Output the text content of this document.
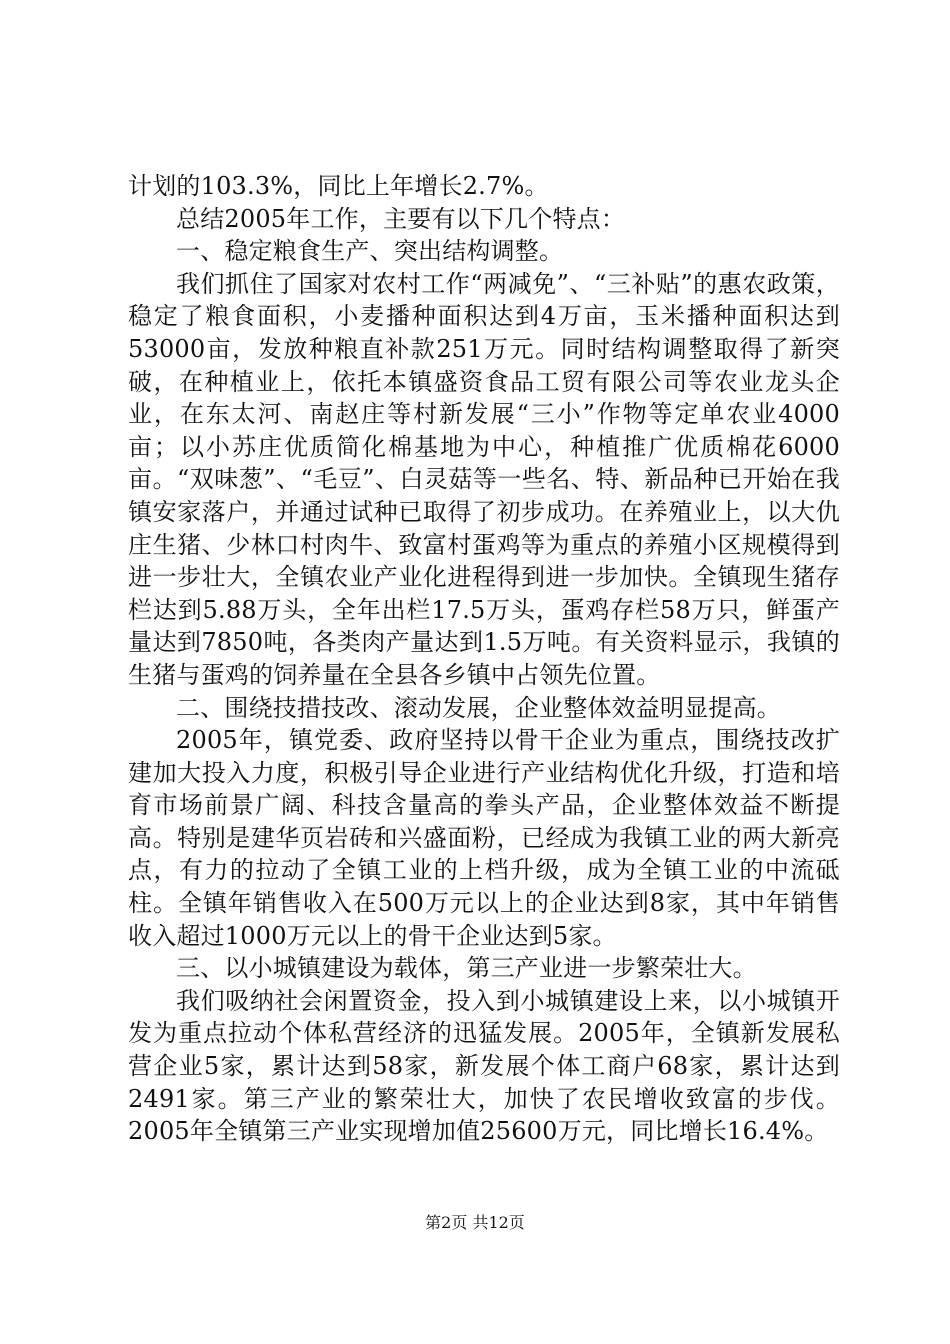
计划的103.3%，同比上年增长2.7%。

总结2005年工作，主要有以下几个特点：

一、稳定粮食生产、突出结构调整。

我们抓住了国家对农村工作“两减免”、“三补贴”的惠农政策，稳定了粮食面积，小麦播种面积达到4万亩，玉米播种面积达到53000亩，发放种粮直补款251万元。同时结构调整取得了新突破，在种植业上，依托本镇盛资食品工贸有限公司等农业龙头企业，在东太河、南赵庄等村新发展“三小”作物等定单农业4000亩；以小苏庄优质简化棉基地为中心，种植推广优质棉花6000亩。“双味葱”、“毛豆”、白灵菇等一些名、特、新品种已开始在我镇安家落户，并通过试种已取得了初步成功。在养殖业上，以大仇庄生猪、少林口村肉牛、致富村蛋鸡等为重点的养殖小区规模得到进一步壮大，全镇农业产业化进程得到进一步加快。全镇现生猪存栏达到5.88万头，全年出栏17.5万头，蛋鸡存栏58万只，鲜蛋产量达到7850吨，各类肉产量达到1.5万吨。有关资料显示，我镇的生猪与蛋鸡的饲养量在全县各乡镇中占领先位置。

二、围绕技措技改、滚动发展，企业整体效益明显提高。

2005年，镇党委、政府坚持以骨干企业为重点，围绕技改扩建加大投入力度，积极引导企业进行产业结构优化升级，打造和培育市场前景广阔、科技含量高的拳头产品，企业整体效益不断提高。特别是建华页岩砖和兴盛面粉，已经成为我镇工业的两大新亮点，有力的拉动了全镇工业的上档升级，成为全镇工业的中流砥柱。全镇年销售收入在500万元以上的企业达到8家，其中年销售收入超过1000万元以上的骨干企业达到5家。

三、以小城镇建设为载体，第三产业进一步繁荣壮大。

我们吸纳社会闲置资金，投入到小城镇建设上来，以小城镇开发为重点拉动个体私营经济的迅猛发展。2005年，全镇新发展私营企业5家，累计达到58家，新发展个体工商户68家，累计达到2491家。第三产业的繁荣壮大，加快了农民增收致富的步伐。2005年全镇第三产业实现增加值25600万元，同比增长16.4%。

第2页 共12页
